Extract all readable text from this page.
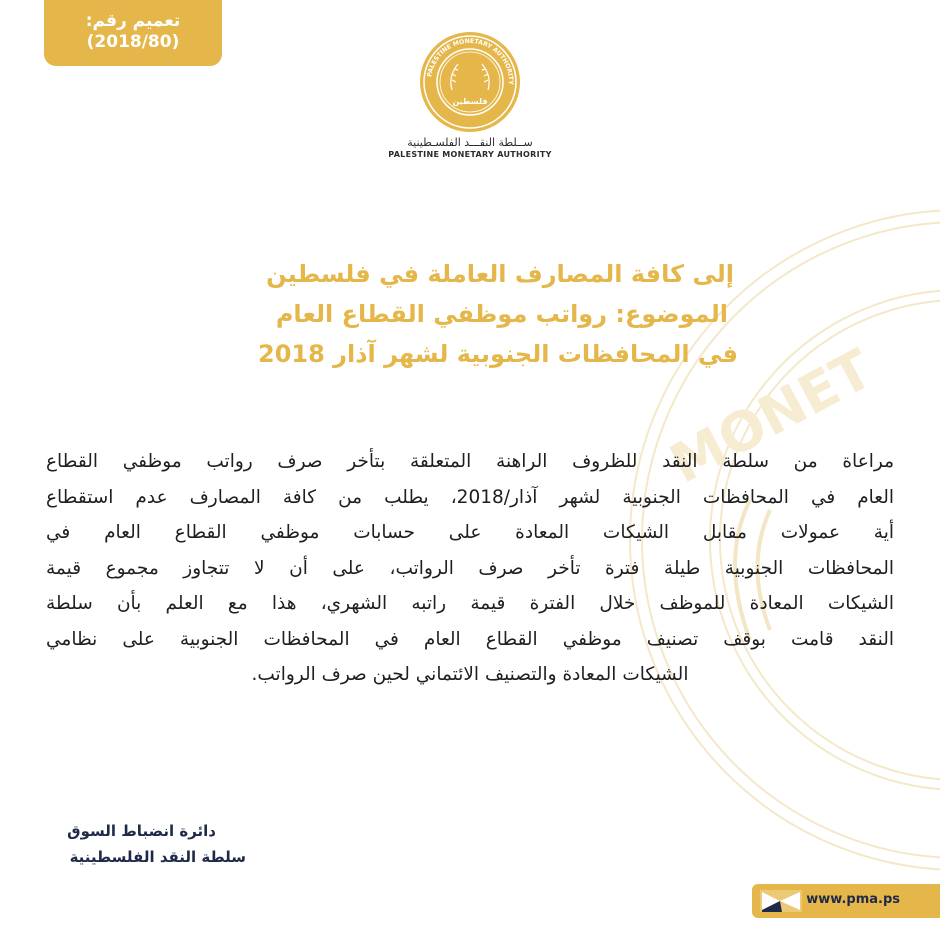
MONET
تعميم رقم:
(2018/80)
PALESTINE MONETARY AUTHORITY
فلسطين
ســلطة النقـــد الفلسـطينية
PALESTINE MONETARY AUTHORITY
إلى كافة المصارف العاملة في فلسطين
الموضوع: رواتب موظفي القطاع العام
في المحافظات الجنوبية لشهر آذار 2018
مراعاة من سلطة النقد للظروف الراهنة المتعلقة بتأخر صرف رواتب موظفي القطاع
العام في المحافظات الجنوبية لشهر آذار/2018، يطلب من كافة المصارف عدم استقطاع
أية عمولات مقابل الشيكات المعادة على حسابات موظفي القطاع العام في
المحافظات الجنوبية طيلة فترة تأخر صرف الرواتب، على أن لا تتجاوز مجموع قيمة
الشيكات المعادة للموظف خلال الفترة قيمة راتبه الشهري، هذا مع العلم بأن سلطة
النقد قامت بوقف تصنيف موظفي القطاع العام في المحافظات الجنوبية على نظامي
الشيكات المعادة والتصنيف الائتماني لحين صرف الرواتب.
دائرة انضباط السوق
سلطة النقد الفلسطينية
www.pma.ps
